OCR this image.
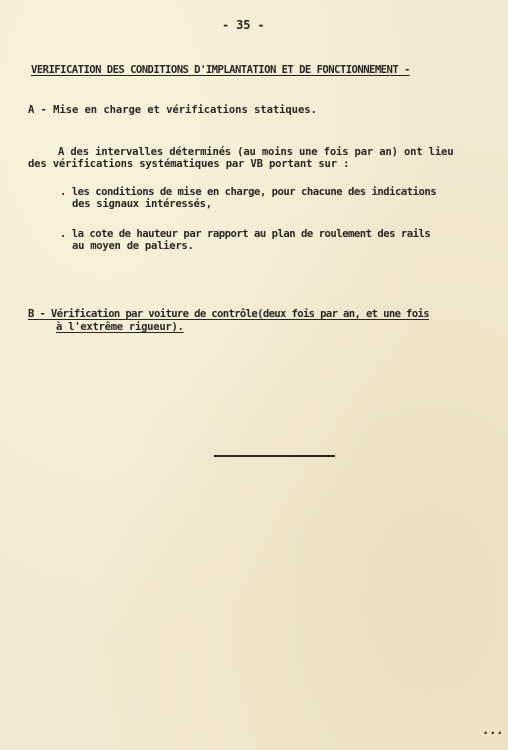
- 35 -
VERIFICATION DES CONDITIONS D'IMPLANTATION ET DE FONCTIONNEMENT -
A - Mise en charge et vérifications statiques.
A des intervalles déterminés (au moins une fois par an) ont lieu
des vérifications systématiques par VB portant sur :
. les conditions de mise en charge, pour chacune des indications
des signaux intéressés,
. la cote de hauteur par rapport au plan de roulement des rails
au moyen de paliers.
B - Vérification par voiture de contrôle(deux fois par an, et une fois
à l'extrême rigueur).
...
